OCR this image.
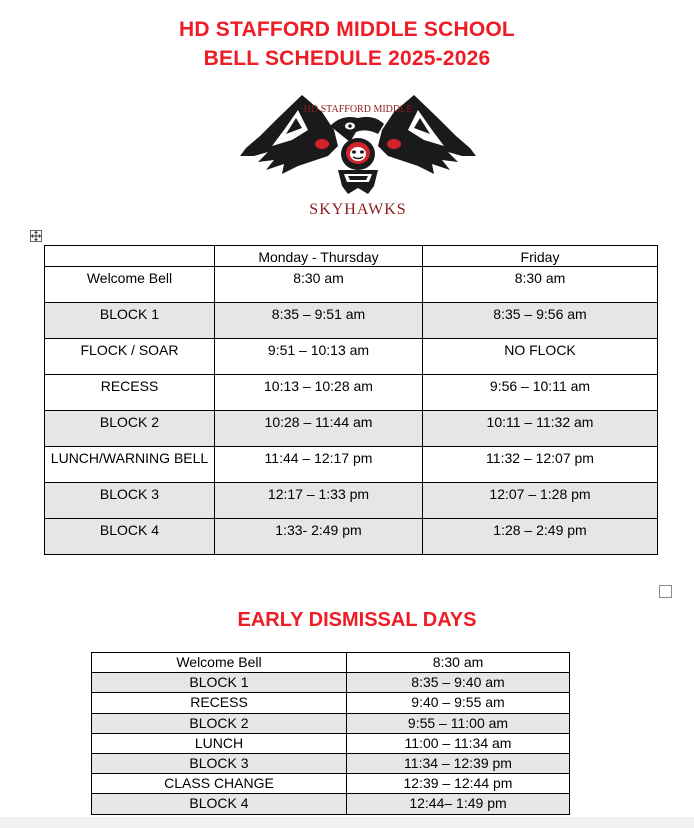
HD STAFFORD MIDDLE SCHOOL
BELL SCHEDULE 2025-2026
HD STAFFORD MIDDLE
SKYHAWKS
	Monday - Thursday	Friday
Welcome Bell	8:30 am	8:30 am
BLOCK 1	8:35 – 9:51 am	8:35 – 9:56 am
FLOCK / SOAR	9:51 – 10:13 am	NO FLOCK
RECESS	10:13 – 10:28 am	9:56 – 10:11 am
BLOCK 2	10:28 – 11:44 am	10:11 – 11:32 am
LUNCH/WARNING BELL	11:44 – 12:17 pm	11:32 – 12:07 pm
BLOCK 3	12:17 – 1:33 pm	12:07 – 1:28 pm
BLOCK 4	1:33- 2:49 pm	1:28 – 2:49 pm
EARLY DISMISSAL DAYS
Welcome Bell	8:30 am
BLOCK 1	8:35 – 9:40 am
RECESS	9:40 – 9:55 am
BLOCK 2	9:55 – 11:00 am
LUNCH	11:00 – 11:34 am
BLOCK 3	11:34 – 12:39 pm
CLASS CHANGE	12:39 – 12:44 pm
BLOCK 4	12:44– 1:49 pm
